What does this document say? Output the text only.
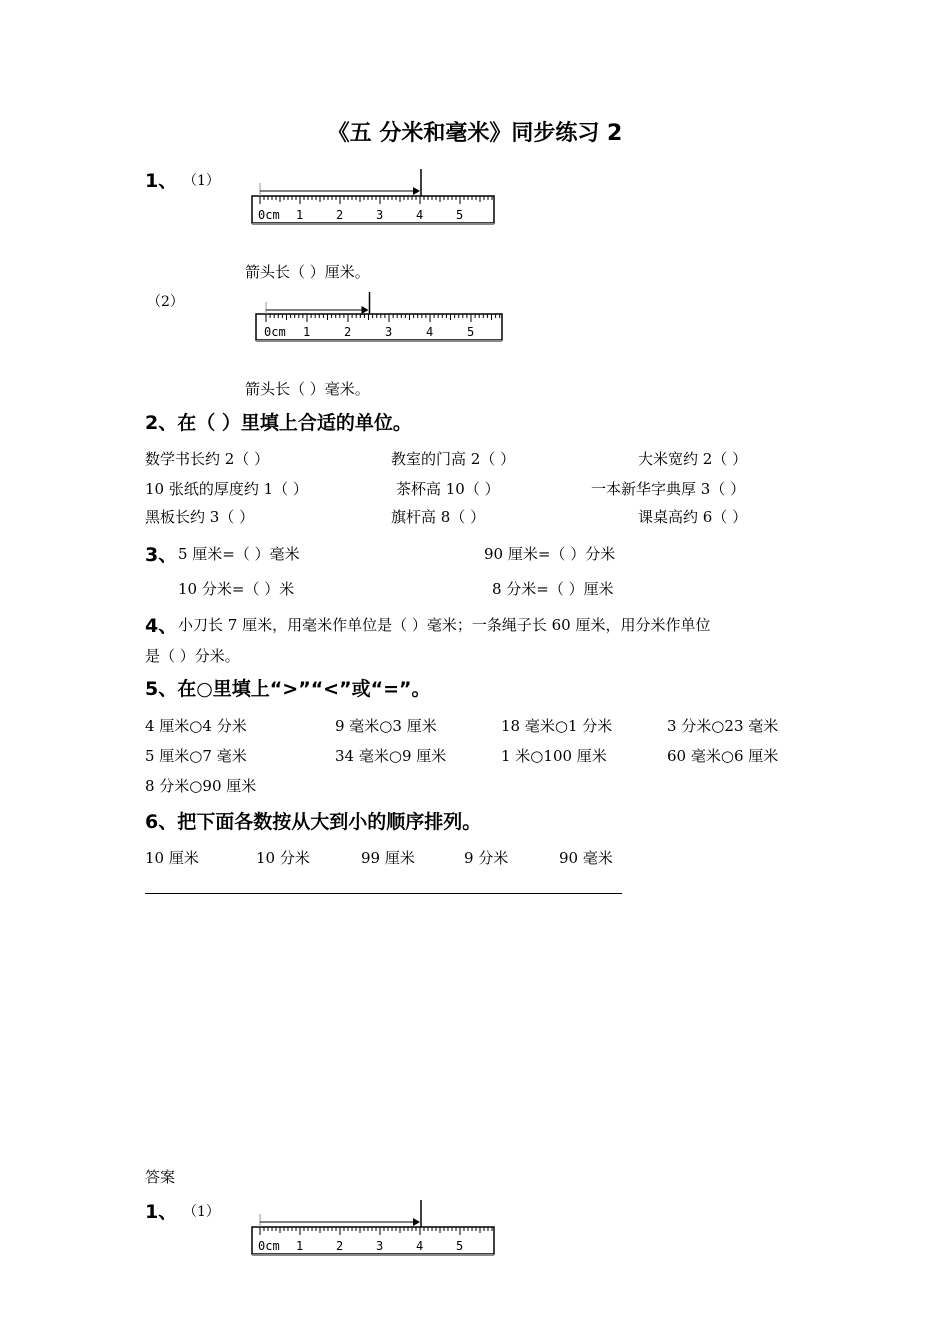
《五 分米和毫米》同步练习 2
1、 （1）
0cm 1	2	3	4	5
箭头长（ ）厘米。
（2）
0cm 1	2	3	4	5
箭头长（ ）毫米。
2、在（ ）里填上合适的单位。
数学书长约 2（ ）	教室的门高 2（ ）	大米宽约 2（ ）
10 张纸的厚度约 1（ ）	茶杯高 10（ ）	一本新华字典厚 3（ ）
黑板长约 3（ ）	旗杆高 8（ ）	课桌高约 6（ ）
3、 5 厘米=（ ）毫米	90 厘米=（ ）分米
10 分米=（ ）米	8 分米=（ ）厘米
4、 小刀长 7 厘米，用毫米作单位是（ ）毫米；一条绳子长 60 厘米，用分米作单位
是（ ）分米。
5、在○里填上“>”“<”或“=”。
4 厘米○4 分米	9 毫米○3 厘米	18 毫米○1 分米	3 分米○23 毫米
5 厘米○7 毫米	34 毫米○9 厘米	1 米○100 厘米	60 毫米○6 厘米
8 分米○90 厘米
6、把下面各数按从大到小的顺序排列。
10 厘米	10 分米	99 厘米	9 分米	90 毫米
答案
1、 （1）
0cm 1	2	3	4	5
